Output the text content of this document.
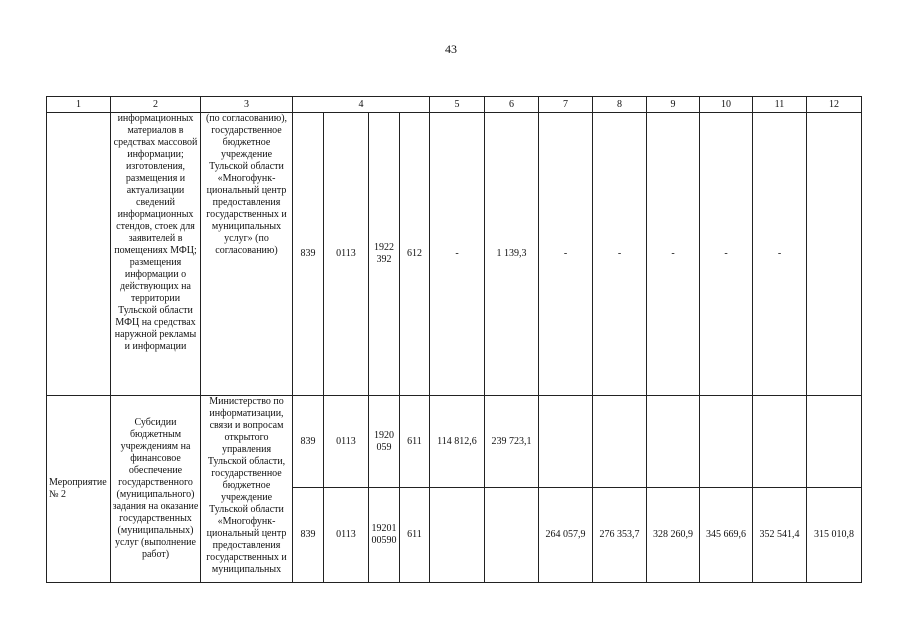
43
1	2	3	4				5	6	7	8	9	10	11	12

	информационных материалов в средствах массовой информации; изготовления, размещения и актуализации сведений информационных стендов, стоек для заявителей в помещениях МФЦ; размещения информации о действующих на территории Тульской области МФЦ на средствах наружной рекламы и информации	(по согласованию), государственное бюджетное учреждение Тульской области «Многофунк-циональный центр предоставления государственных и муниципальных услуг» (по согласованию)	839	0113	1922 392	612	-	1 139,3	-	-	-	-	-	

Мероприятие № 2	Субсидии бюджетным учреждениям на финансовое обеспечение государственного (муниципального) задания на оказание государственных (муниципальных) услуг (выполнение работ)	Министерство по информатизации, связи и вопросам открытого управления Тульской области, государственное бюджетное учреждение Тульской области «Многофунк-циональный центр предоставления государственных и муниципальных	839	0113	1920 059	611	114 812,6	239 723,1						
			839	0113	19201 00590	611			264 057,9	276 353,7	328 260,9	345 669,6	352 541,4	315 010,8
